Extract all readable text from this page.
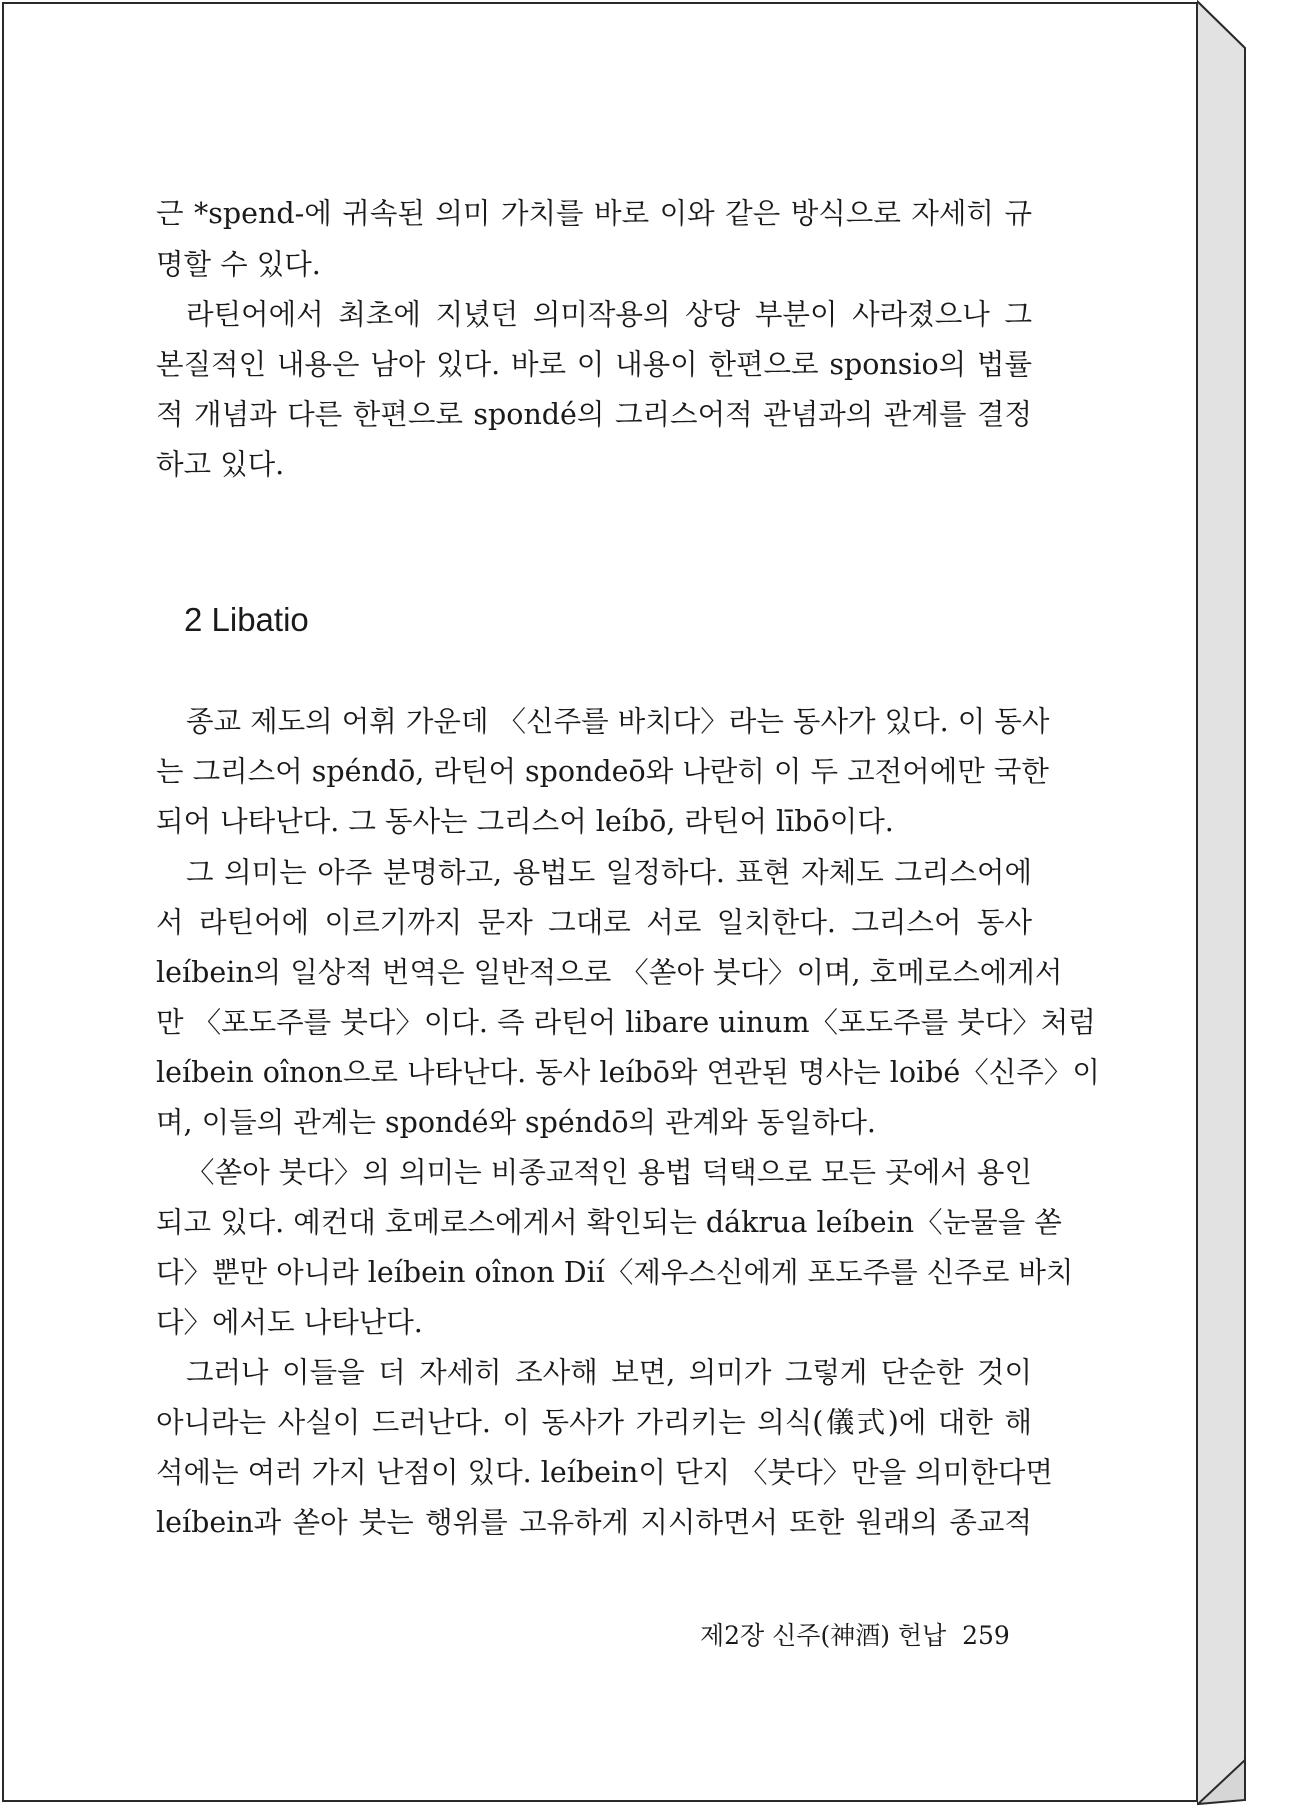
근 *spend-에 귀속된 의미 가치를 바로 이와 같은 방식으로 자세히 규
명할 수 있다.
라틴어에서 최초에 지녔던 의미작용의 상당 부분이 사라졌으나 그
본질적인 내용은 남아 있다. 바로 이 내용이 한편으로 sponsio의 법률
적 개념과 다른 한편으로 spondé의 그리스어적 관념과의 관계를 결정
하고 있다.
2 Libatio
종교 제도의 어휘 가운데 〈신주를 바치다〉라는 동사가 있다. 이 동사
는 그리스어 spéndō, 라틴어 spondeō와 나란히 이 두 고전어에만 국한
되어 나타난다. 그 동사는 그리스어 leíbō, 라틴어 lībō이다.
그 의미는 아주 분명하고, 용법도 일정하다. 표현 자체도 그리스어에
서 라틴어에 이르기까지 문자 그대로 서로 일치한다. 그리스어 동사
leíbein의 일상적 번역은 일반적으로 〈쏟아 붓다〉이며, 호메로스에게서
만 〈포도주를 붓다〉이다. 즉 라틴어 libare uinum〈포도주를 붓다〉처럼
leíbein oînon으로 나타난다. 동사 leíbō와 연관된 명사는 loibé〈신주〉이
며, 이들의 관계는 spondé와 spéndō의 관계와 동일하다.
〈쏟아 붓다〉의 의미는 비종교적인 용법 덕택으로 모든 곳에서 용인
되고 있다. 예컨대 호메로스에게서 확인되는 dákrua leíbein〈눈물을 쏟
다〉뿐만 아니라 leíbein oînon Dií〈제우스신에게 포도주를 신주로 바치
다〉에서도 나타난다.
그러나 이들을 더 자세히 조사해 보면, 의미가 그렇게 단순한 것이
아니라는 사실이 드러난다. 이 동사가 가리키는 의식(儀式)에 대한 해
석에는 여러 가지 난점이 있다. leíbein이 단지 〈붓다〉만을 의미한다면
leíbein과 쏟아 붓는 행위를 고유하게 지시하면서 또한 원래의 종교적
제2장 신주(神酒) 헌납 259
